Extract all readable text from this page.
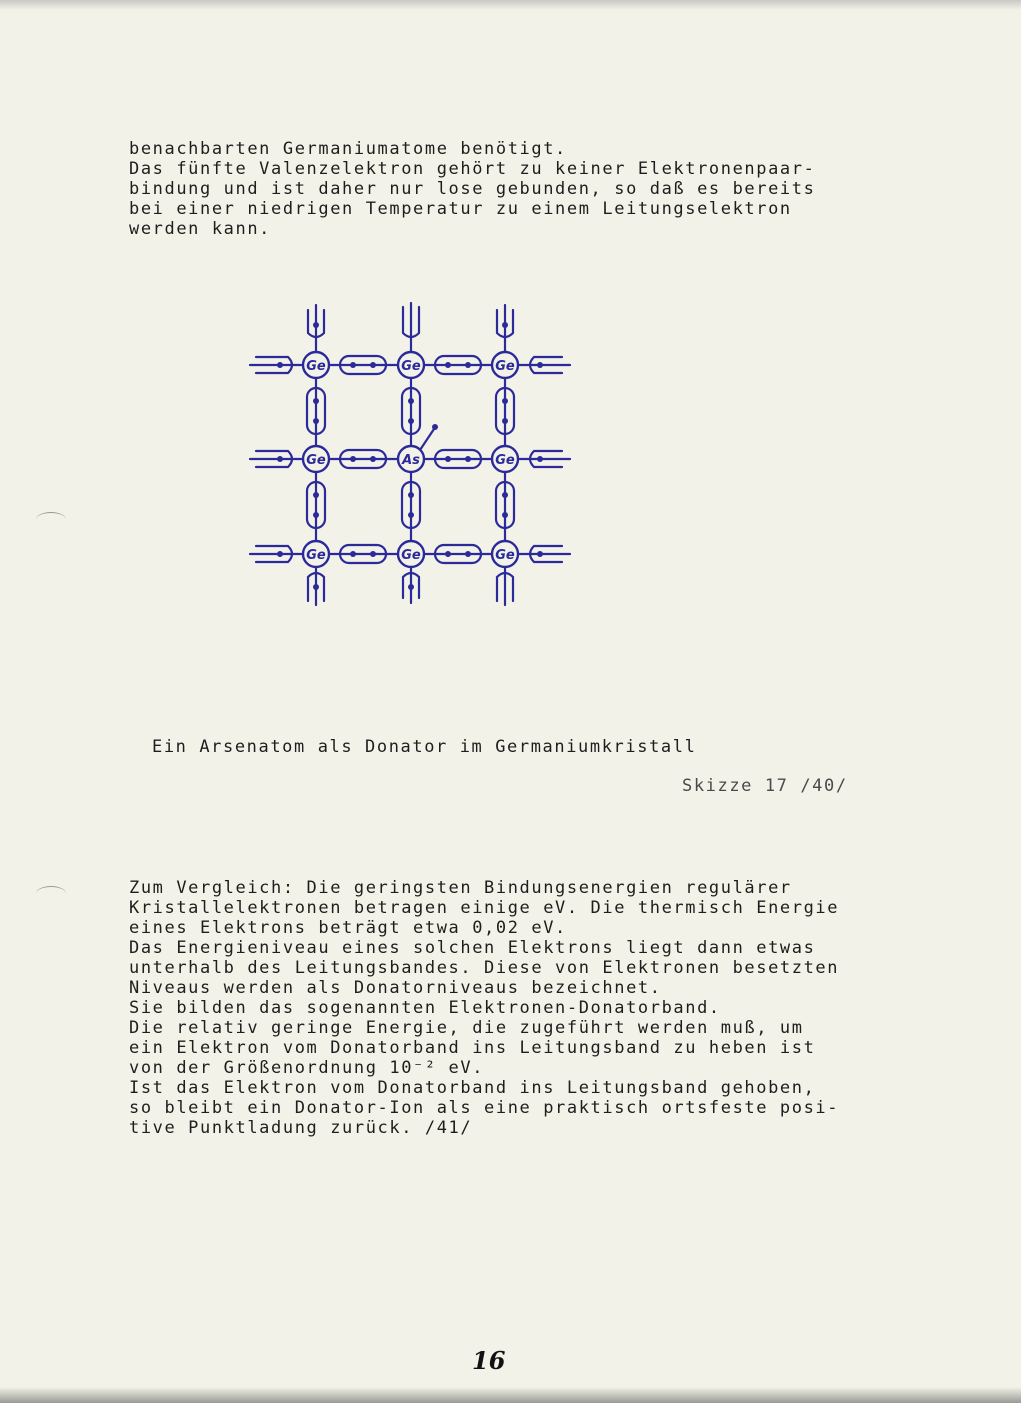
benachbarten Germaniumatome benötigt.
Das fünfte Valenzelektron gehört zu keiner Elektronenpaar-
bindung und ist daher nur lose gebunden, so daß es bereits
bei einer niedrigen Temperatur zu einem Leitungselektron
werden kann.
Ge	Ge	Ge
Ge	As	Ge
Ge	Ge	Ge
Ein Arsenatom als Donator im Germaniumkristall
Skizze 17 /40/
Zum Vergleich: Die geringsten Bindungsenergien regulärer
Kristallelektronen betragen einige eV. Die thermisch Energie
eines Elektrons beträgt etwa 0,02 eV.
Das Energieniveau eines solchen Elektrons liegt dann etwas
unterhalb des Leitungsbandes. Diese von Elektronen besetzten
Niveaus werden als Donatorniveaus bezeichnet.
Sie bilden das sogenannten Elektronen-Donatorband.
Die relativ geringe Energie, die zugeführt werden muß, um
ein Elektron vom Donatorband ins Leitungsband zu heben ist
von der Größenordnung 10⁻² eV.
Ist das Elektron vom Donatorband ins Leitungsband gehoben,
so bleibt ein Donator-Ion als eine praktisch ortsfeste posi-
tive Punktladung zurück. /41/
16
